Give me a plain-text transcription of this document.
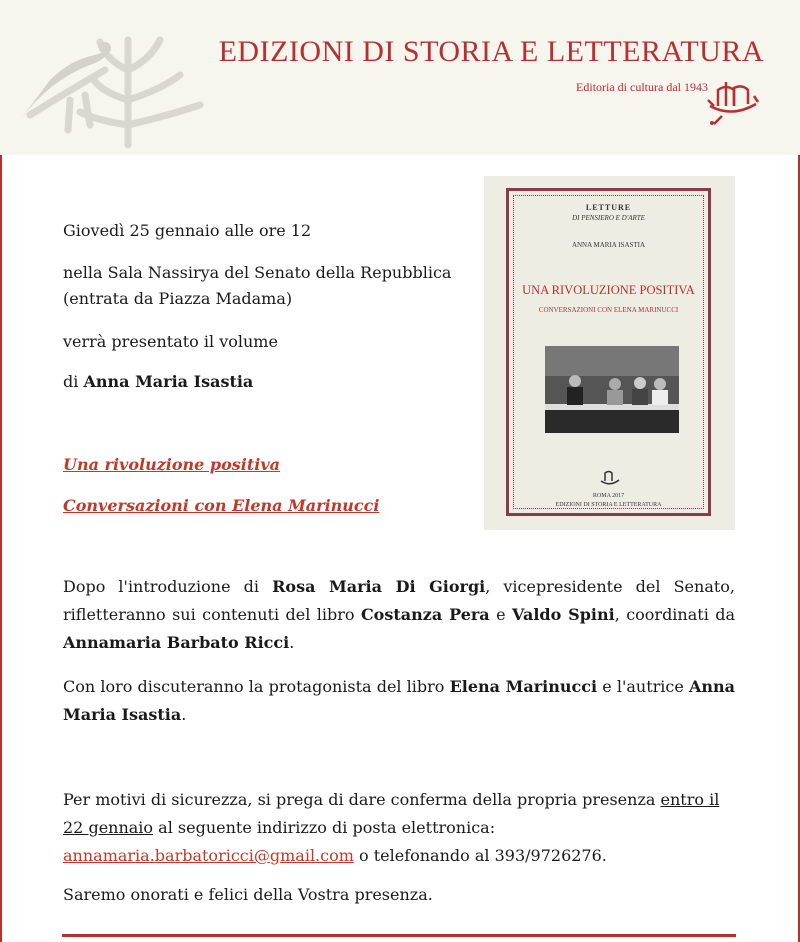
EDIZIONI DI STORIA E LETTERATURA
Editoria di cultura dal 1943
Giovedì 25 gennaio alle ore 12
nella Sala Nassirya del Senato della Repubblica
(entrata da Piazza Madama)
verrà presentato il volume
di Anna Maria Isastia
Una rivoluzione positiva
Conversazioni con Elena Marinucci
LETTURE
DI PENSIERO E D'ARTE
ANNA MARIA ISASTIA
UNA RIVOLUZIONE POSITIVA
CONVERSAZIONI CON ELENA MARINUCCI
ROMA 2017
EDIZIONI DI STORIA E LETTERATURA
Dopo l'introduzione di Rosa Maria Di Giorgi, vicepresidente del Senato, rifletteranno sui contenuti del libro Costanza Pera e Valdo Spini, coordinati da Annamaria Barbato Ricci.
Con loro discuteranno la protagonista del libro Elena Marinucci e l'autrice Anna Maria Isastia.
Per motivi di sicurezza, si prega di dare conferma della propria presenza entro il 22 gennaio al seguente indirizzo di posta elettronica: annamaria.barbatoricci@gmail.com o telefonando al 393/9726276.
Saremo onorati e felici della Vostra presenza.
